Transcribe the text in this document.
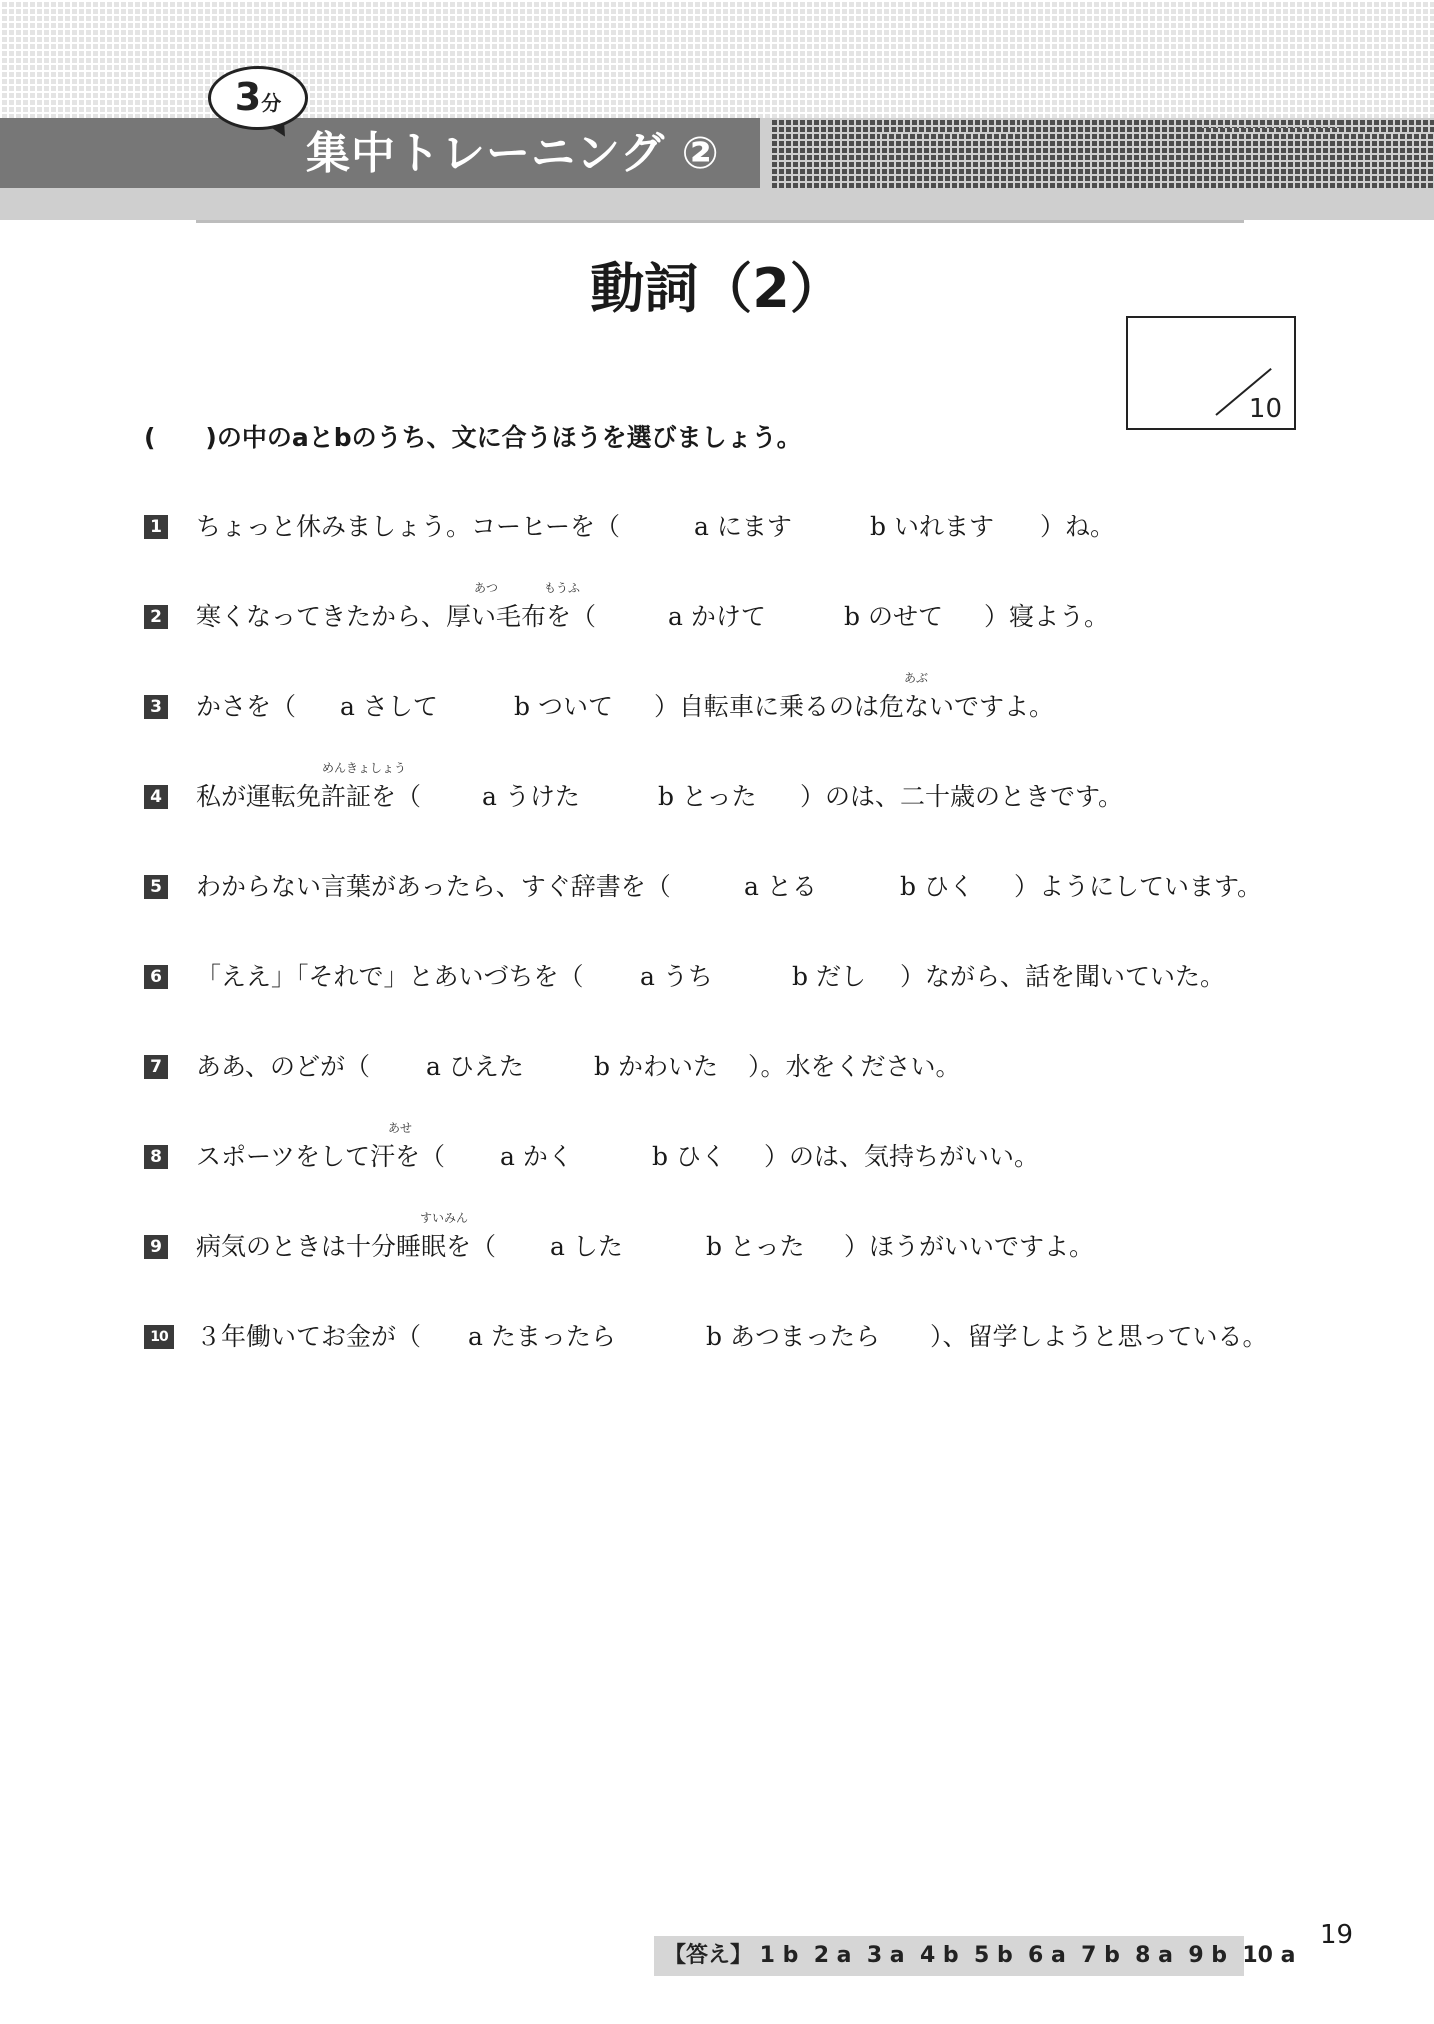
3分
集中トレーニング ②
動詞（2）
10
(　　)の中のaとbのうち、文に合うほうを選びましょう。
1 ちょっと休みましょう。コーヒーを（	a にます	b いれます ）ね。
2
あつ	もうふ
寒くなってきたから、厚い毛布を（	a かけて	b のせて ）寝よう。
3
あぶ
かさを（ a さして	b ついて ）自転車に乗るのは危ないですよ。
4
めんきょしょう
私が運転免許証を（ a うけた	b とった ）のは、二十歳のときです。
5 わからない言葉があったら、すぐ辞書を（	a とる	b ひく ）ようにしています。
6 「ええ」「それで」とあいづちを（ a うち	b だし ）ながら、話を聞いていた。
7 ああ、のどが（ a ひえた	b かわいた ）。水をください。
8
あせ
スポーツをして汗を（ a かく	b ひく ）のは、気持ちがいい。
9
すいみん
病気のときは十分睡眠を（ a した	b とった ）ほうがいいですよ。
10 ３年働いてお金が（ a たまったら	b あつまったら ）、留学しようと思っている。
19
【答え】 1 b  2 a  3 a  4 b  5 b  6 a  7 b  8 a  9 b  10 a
